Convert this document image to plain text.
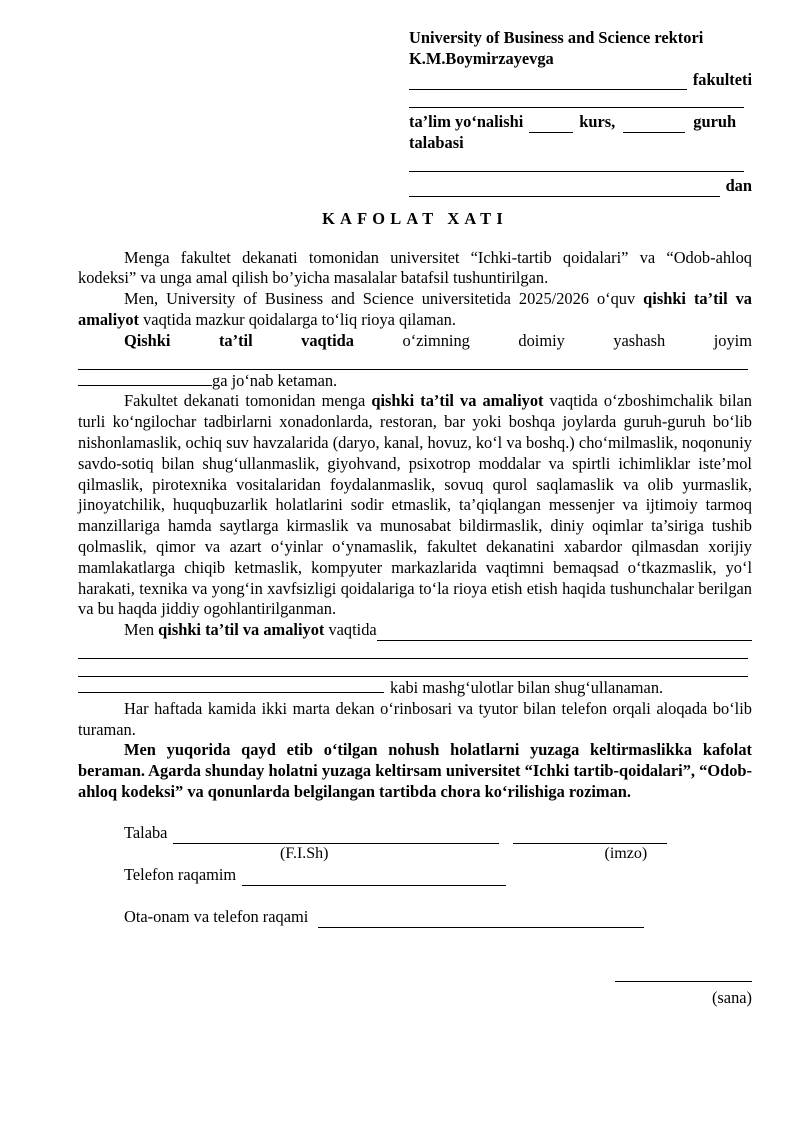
University of Business and Science rektori
K.M.Boymirzayevga
fakulteti
ta’lim yo‘nalishi	kurs,	guruh
talabasi
dan
KAFOLAT XATI

Menga fakultet dekanati tomonidan universitet “Ichki-tartib qoidalari” va “Odob-ahloq kodeksi” va unga amal qilish bo’yicha masalalar batafsil tushuntirilgan.

Men, University of Business and Science universitetida 2025/2026 o‘quv qishki ta’til va amaliyot vaqtida mazkur qoidalarga to‘liq rioya qilaman.

Qishki	ta’til	vaqtida	o‘zimning	doimiy	yashash	joyim

ga jo‘nab ketaman.

Fakultet dekanati tomonidan menga qishki ta’til va amaliyot vaqtida o‘zboshimchalik bilan turli ko‘ngilochar tadbirlarni xonadonlarda, restoran, bar yoki boshqa joylarda guruh-guruh bo‘lib nishonlamaslik, ochiq suv havzalarida (daryo, kanal, hovuz, ko‘l va boshq.) cho‘milmaslik, noqonuniy savdo-sotiq bilan shug‘ullanmaslik, giyohvand, psixotrop moddalar va spirtli ichimliklar iste’mol qilmaslik, pirotexnika vositalaridan foydalanmaslik, sovuq qurol saqlamaslik va olib yurmaslik, jinoyatchilik, huquqbuzarlik holatlarini sodir etmaslik, ta’qiqlangan messenjer va ijtimoiy tarmoq manzillariga hamda saytlarga kirmaslik va munosabat bildirmaslik, diniy oqimlar ta’siriga tushib qolmaslik, qimor va azart o‘yinlar o‘ynamaslik, fakultet dekanatini xabardor qilmasdan xorijiy mamlakatlarga chiqib ketmaslik, kompyuter markazlarida vaqtimni bemaqsad o‘tkazmaslik, yo‘l harakati, texnika va yong‘in xavfsizligi qoidalariga to‘la rioya etish etish haqida tushunchalar berilgan va bu haqda jiddiy ogohlantirilganman.

Men qishki ta’til va amaliyot vaqtida

kabi mashg‘ulotlar bilan shug‘ullanaman.

Har haftada kamida ikki marta dekan o‘rinbosari va tyutor bilan telefon orqali aloqada bo‘lib turaman.

Men yuqorida qayd etib o‘tilgan nohush holatlarni yuzaga keltirmaslikka kafolat beraman. Agarda shunday holatni yuzaga keltirsam universitet “Ichki tartib-qoidalari”, “Odob-ahloq kodeksi” va qonunlarda belgilangan tartibda chora ko‘rilishiga roziman.

Talaba
(F.I.Sh)	(imzo)
Telefon raqamim
Ota-onam va telefon raqami

(sana)
